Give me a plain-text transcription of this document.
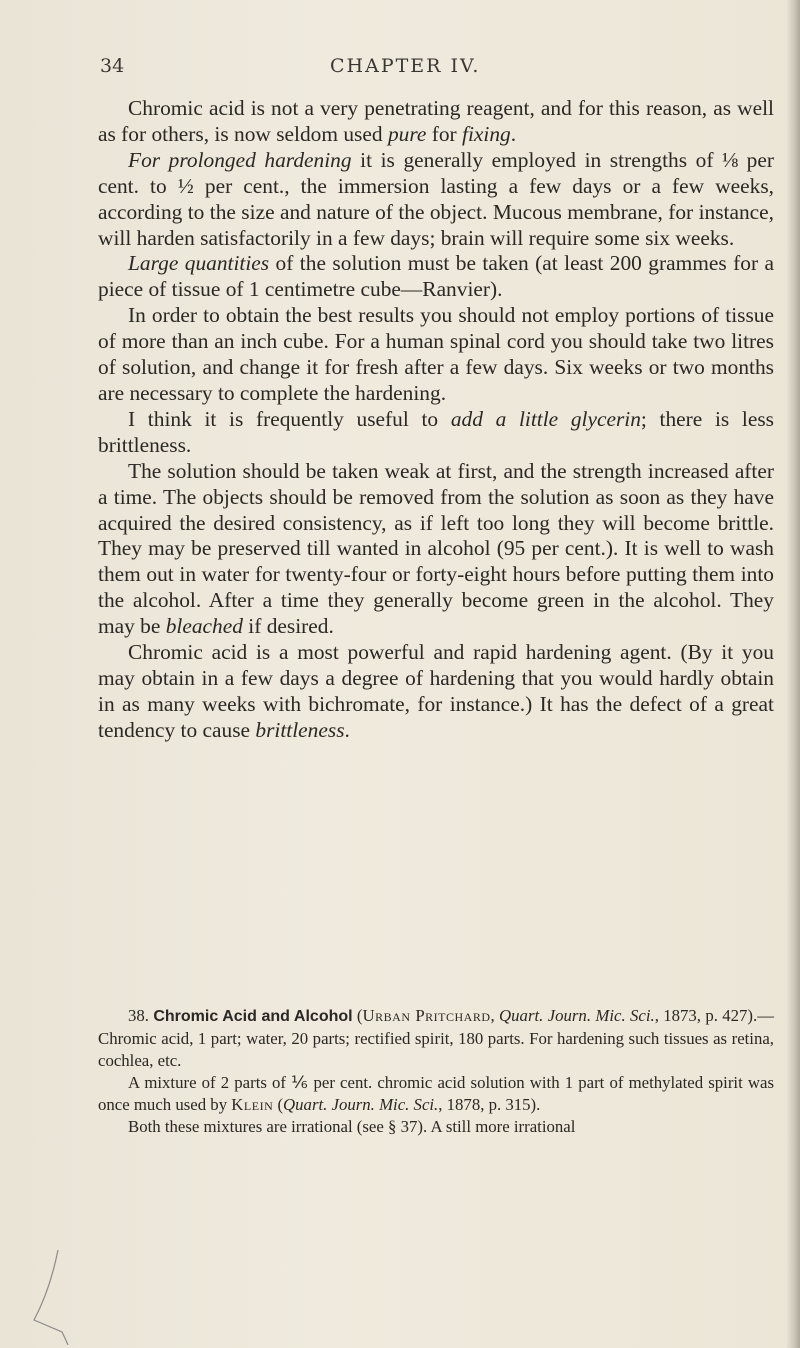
34	CHAPTER IV.

Chromic acid is not a very penetrating reagent, and for this reason, as well as for others, is now seldom used pure for fixing.

For prolonged hardening it is generally employed in strengths of ⅛ per cent. to ½ per cent., the immersion lasting a few days or a few weeks, according to the size and nature of the object. Mucous membrane, for instance, will harden satisfactorily in a few days; brain will require some six weeks.

Large quantities of the solution must be taken (at least 200 grammes for a piece of tissue of 1 centimetre cube—Ranvier).

In order to obtain the best results you should not employ portions of tissue of more than an inch cube. For a human spinal cord you should take two litres of solution, and change it for fresh after a few days. Six weeks or two months are necessary to complete the hardening.

I think it is frequently useful to add a little glycerin; there is less brittleness.

The solution should be taken weak at first, and the strength increased after a time. The objects should be removed from the solution as soon as they have acquired the desired consistency, as if left too long they will become brittle. They may be preserved till wanted in alcohol (95 per cent.). It is well to wash them out in water for twenty-four or forty-eight hours before putting them into the alcohol. After a time they generally become green in the alcohol. They may be bleached if desired.

Chromic acid is a most powerful and rapid hardening agent. (By it you may obtain in a few days a degree of hardening that you would hardly obtain in as many weeks with bichromate, for instance.) It has the defect of a great tendency to cause brittleness.

38. Chromic Acid and Alcohol (Urban Pritchard, Quart. Journ. Mic. Sci., 1873, p. 427).—Chromic acid, 1 part; water, 20 parts; rectified spirit, 180 parts. For hardening such tissues as retina, cochlea, etc.

A mixture of 2 parts of ⅙ per cent. chromic acid solution with 1 part of methylated spirit was once much used by Klein (Quart. Journ. Mic. Sci., 1878, p. 315).

Both these mixtures are irrational (see § 37). A still more irrational
